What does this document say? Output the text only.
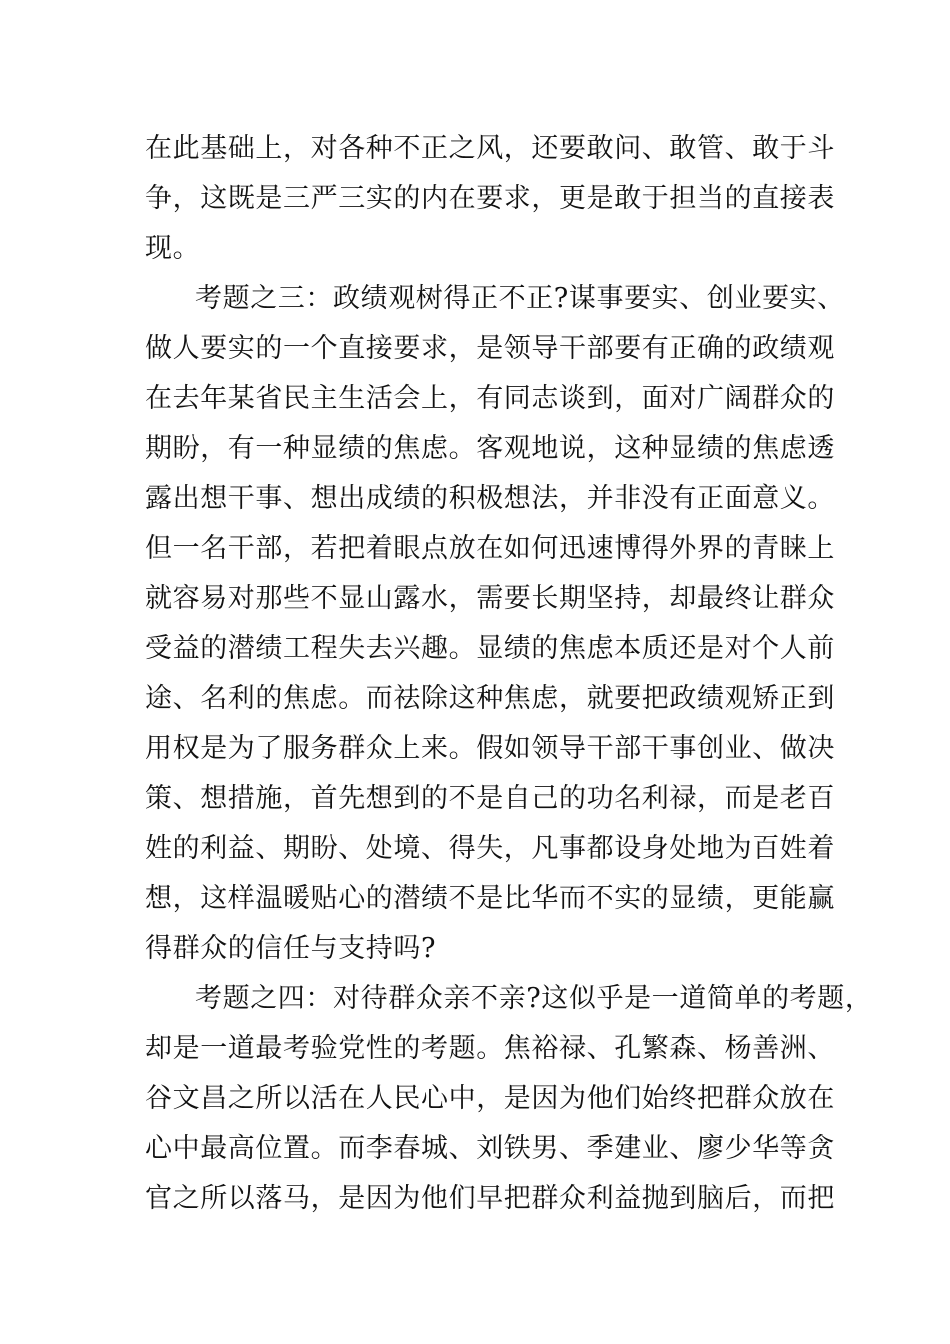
在此基础上，对各种不正之风，还要敢问、敢管、敢于斗
争，这既是三严三实的内在要求，更是敢于担当的直接表
现。
考题之三：政绩观树得正不正?谋事要实、创业要实、
做人要实的一个直接要求，是领导干部要有正确的政绩观
在去年某省民主生活会上，有同志谈到，面对广阔群众的
期盼，有一种显绩的焦虑。客观地说，这种显绩的焦虑透
露出想干事、想出成绩的积极想法，并非没有正面意义。
但一名干部，若把着眼点放在如何迅速博得外界的青睐上
就容易对那些不显山露水，需要长期坚持，却最终让群众
受益的潜绩工程失去兴趣。显绩的焦虑本质还是对个人前
途、名利的焦虑。而祛除这种焦虑，就要把政绩观矫正到
用权是为了服务群众上来。假如领导干部干事创业、做决
策、想措施，首先想到的不是自己的功名利禄，而是老百
姓的利益、期盼、处境、得失，凡事都设身处地为百姓着
想，这样温暖贴心的潜绩不是比华而不实的显绩，更能赢
得群众的信任与支持吗?
考题之四：对待群众亲不亲?这似乎是一道简单的考题，
却是一道最考验党性的考题。焦裕禄、孔繁森、杨善洲、
谷文昌之所以活在人民心中，是因为他们始终把群众放在
心中最高位置。而李春城、刘铁男、季建业、廖少华等贪
官之所以落马，是因为他们早把群众利益抛到脑后，而把
